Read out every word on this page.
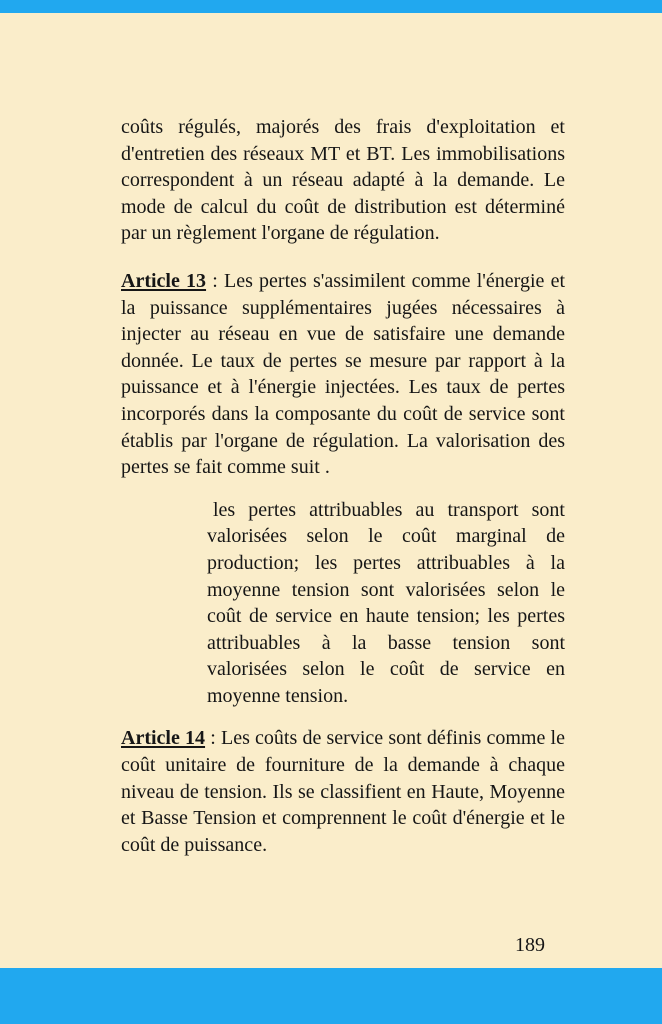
coûts régulés, majorés des frais d'exploitation et d'entretien des réseaux MT et BT. Les immobilisations correspondent à un réseau adapté à la demande. Le mode de calcul du coût de distribution est déterminé par un règlement l'organe de régulation.

Article 13 : Les pertes s'assimilent comme l'énergie et la puissance supplémentaires jugées nécessaires à injecter au réseau en vue de satisfaire une demande donnée. Le taux de pertes se mesure par rapport à la puissance et à l'énergie injectées. Les taux de pertes incorporés dans la composante du coût de service sont établis par l'organe de régulation. La valorisation des pertes se fait comme suit .

les pertes attribuables au transport sont valorisées selon le coût marginal de production; les pertes attribuables à la moyenne tension sont valorisées selon le coût de service en haute tension; les pertes attribuables à la basse tension sont valorisées selon le coût de service en moyenne tension.

Article 14 : Les coûts de service sont définis comme le coût unitaire de fourniture de la demande à chaque niveau de tension. Ils se classifient en Haute, Moyenne et Basse Tension et comprennent le coût d'énergie et le coût de puissance.

189
